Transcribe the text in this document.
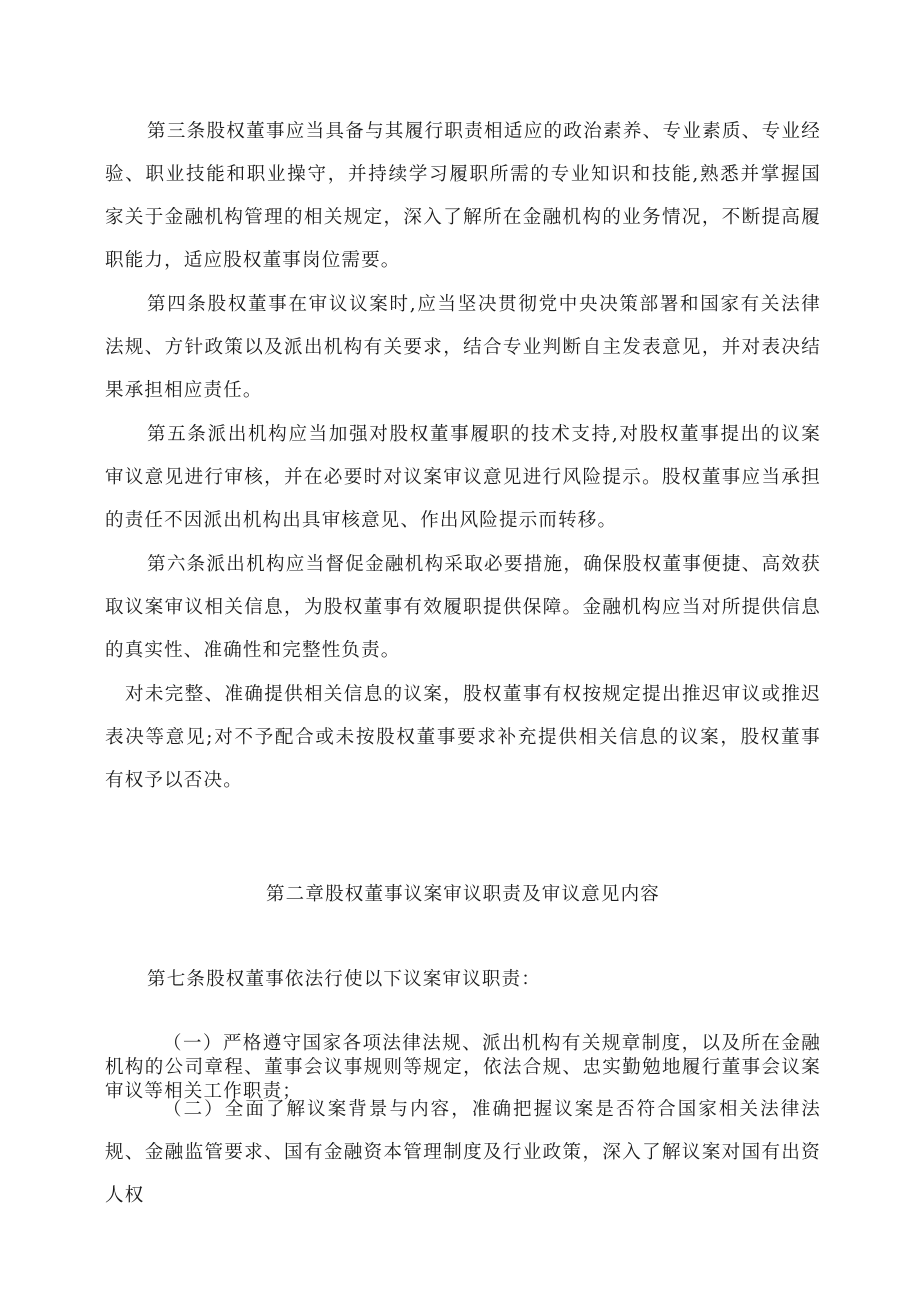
第三条股权董事应当具备与其履行职责相适应的政治素养、专业素质、专业经验、职业技能和职业操守，并持续学习履职所需的专业知识和技能,熟悉并掌握国家关于金融机构管理的相关规定，深入了解所在金融机构的业务情况，不断提高履职能力，适应股权董事岗位需要。

第四条股权董事在审议议案时,应当坚决贯彻党中央决策部署和国家有关法律法规、方针政策以及派出机构有关要求，结合专业判断自主发表意见，并对表决结果承担相应责任。

第五条派出机构应当加强对股权董事履职的技术支持,对股权董事提出的议案审议意见进行审核，并在必要时对议案审议意见进行风险提示。股权董事应当承担的责任不因派出机构出具审核意见、作出风险提示而转移。

第六条派出机构应当督促金融机构采取必要措施，确保股权董事便捷、高效获取议案审议相关信息，为股权董事有效履职提供保障。金融机构应当对所提供信息的真实性、准确性和完整性负责。

对未完整、准确提供相关信息的议案，股权董事有权按规定提出推迟审议或推迟表决等意见;对不予配合或未按股权董事要求补充提供相关信息的议案，股权董事有权予以否决。

第二章股权董事议案审议职责及审议意见内容

第七条股权董事依法行使以下议案审议职责：

（一）严格遵守国家各项法律法规、派出机构有关规章制度，以及所在金融机构的公司章程、董事会议事规则等规定，依法合规、忠实勤勉地履行董事会议案审议等相关工作职责；

（二）全面了解议案背景与内容，准确把握议案是否符合国家相关法律法规、金融监管要求、国有金融资本管理制度及行业政策，深入了解议案对国有出资人权
